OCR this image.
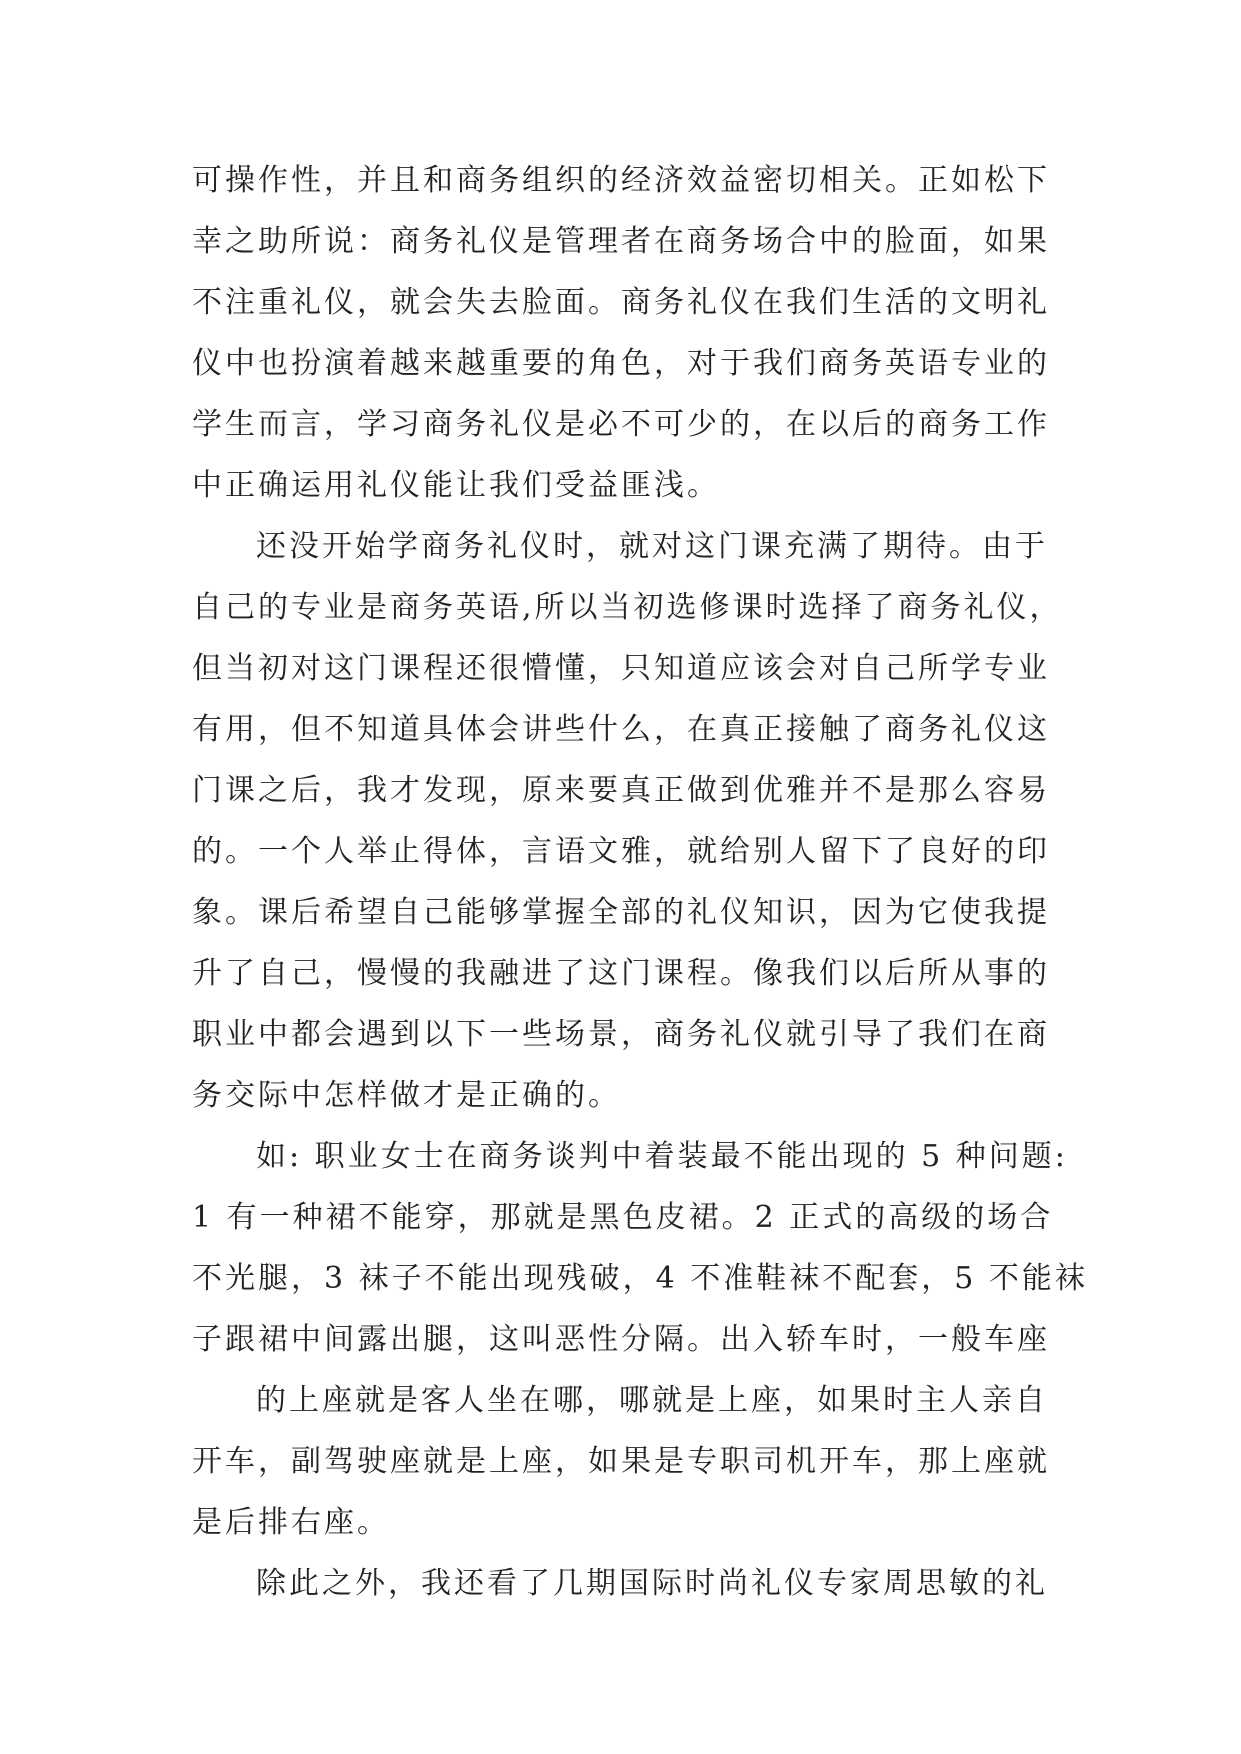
可操作性，并且和商务组织的经济效益密切相关。正如松下
幸之助所说：商务礼仪是管理者在商务场合中的脸面，如果
不注重礼仪，就会失去脸面。商务礼仪在我们生活的文明礼
仪中也扮演着越来越重要的角色，对于我们商务英语专业的
学生而言，学习商务礼仪是必不可少的，在以后的商务工作
中正确运用礼仪能让我们受益匪浅。
还没开始学商务礼仪时，就对这门课充满了期待。由于
自己的专业是商务英语,所以当初选修课时选择了商务礼仪，
但当初对这门课程还很懵懂，只知道应该会对自己所学专业
有用，但不知道具体会讲些什么，在真正接触了商务礼仪这
门课之后，我才发现，原来要真正做到优雅并不是那么容易
的。一个人举止得体，言语文雅，就给别人留下了良好的印
象。课后希望自己能够掌握全部的礼仪知识，因为它使我提
升了自己，慢慢的我融进了这门课程。像我们以后所从事的
职业中都会遇到以下一些场景，商务礼仪就引导了我们在商
务交际中怎样做才是正确的。
如: 职业女士在商务谈判中着装最不能出现的 5 种问题:
1 有一种裙不能穿，那就是黑色皮裙。2 正式的高级的场合
不光腿，3 袜子不能出现残破，4 不准鞋袜不配套，5 不能袜
子跟裙中间露出腿，这叫恶性分隔。出入轿车时，一般车座
的上座就是客人坐在哪，哪就是上座，如果时主人亲自
开车，副驾驶座就是上座，如果是专职司机开车，那上座就
是后排右座。
除此之外，我还看了几期国际时尚礼仪专家周思敏的礼
